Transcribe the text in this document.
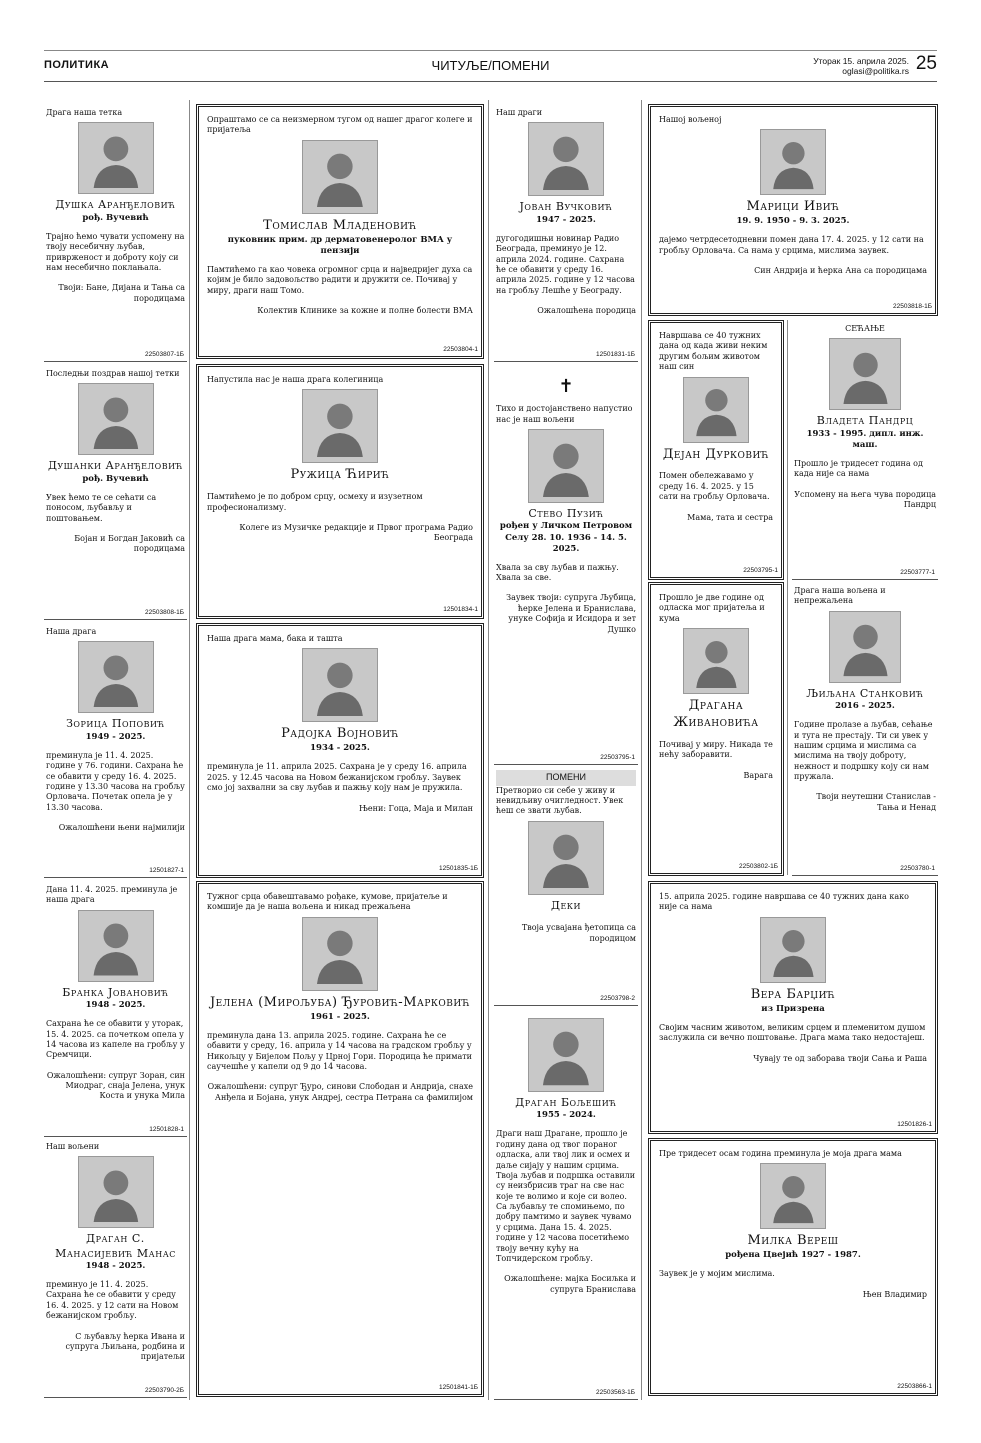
ПОЛИТИКА	ЧИТУЉЕ/ПОМЕНИ	Уторак 15. априла 2025.
oglasi@politika.rs 25
Драга наша тетка
Душка Аранђеловић
рођ. Вучевић
Трајно ћемо чувати успомену на твоју несебичну љубав, привржeност и доброту коју си нам несебично поклањала.
Твоји: Бане, Дијана и Тања са породицама
22503807-1Б
Последњи поздрав нашој тетки
Душанки Аранђеловић
рођ. Вучевић
Увек ћемо те се сећати са поносом, љубављу и поштовањем.
Бојан и Богдан Јаковић са породицама
22503808-1Б
Наша драга
Зорица Поповић
1949 - 2025.
преминула је 11. 4. 2025. године у 76. години. Сахрана ће се обавити у среду 16. 4. 2025. године у 13.30 часова на гробљу Орловача. Почетак опела је у 13.30 часова.
Ожалошћени њени најмилији
12501827-1
Дана 11. 4. 2025. преминула је наша драга
Бранка Јовановић
1948 - 2025.
Сахрана ће се обавити у уторак, 15. 4. 2025. са почетком опела у 14 часова из капеле на гробљу у Сремчици.
Ожалошћени: супруг Зоран, син Миодраг, снаја Јелена, унук Коста и унука Мила
12501828-1
Наш вољени
Драган С. Манасијевић Манас
1948 - 2025.
преминуо је 11. 4. 2025. Сахрана ће се обавити у среду 16. 4. 2025. у 12 сати на Новом бежанијском гробљу.
С љубављу ћерка Ивана и супруга Љиљана, родбина и пријатељи
22503790-2Б
Опраштамо се са неизмерном тугом од нашег драгог колеге и пријатеља
Томислав Младеновић
пуковник прим. др дерматовенеролог ВМА у пензији
Памтићемо га као човека огромног срца и наjведријег духа са којим је било задовољство радити и дружити се. Почивај у миру, драги наш Томо.
Колектив Клинике за кожне и полне болести ВМА
22503804-1
Напустила нас је наша драга колегиница
Ружица Ћирић
Памтићемо је по добром срцу, осмеху и изузетном професионализму.
Колеге из Музичке редакције и Првог програма Радио Београда
12501834-1
Наша драга мама, бака и ташта
Радојка Војновић
1934 - 2025.
преминула је 11. априла 2025. Сахрана је у среду 16. априла 2025. у 12.45 часова на Новом бежанијском гробљу. Заувек смо јој захвални за сву љубав и пажњу коју нам је пружила.
Њени: Гоца, Маја и Милан
12501835-1Б
Тужног срца обавештавамо рођаке, кумове, пријатеље и комшије да је наша вољена и никад прежаљена
Јелена (Мирољуба) Ђуровић-Марковић
1961 - 2025.
преминула дана 13. априла 2025. године. Сахрана ће се обавити у среду, 16. априла у 14 часова на градском гробљу у Никољцу у Бијелом Пољу у Црној Гори. Породица ће примати саучешће у капели од 9 до 14 часова.
Ожалошћени: супруг Ђуро, синови Слободан и Андрија, снахе Анђела и Бојана, унук Андреј, сестра Петрана са фамилијом
12501841-1Б
Наш драги
Јован Вучковић
1947 - 2025.
дугогодишњи новинар Радио Београда, преминуо је 12. априла 2024. године. Сахрана ће се обавити у среду 16. априла 2025. године у 12 часова на гробљу Лешће у Београду.
Ожалошћена породица
12501831-1Б
✝
Тихо и достојанствено напустио нас је наш вољени
Стево Пузић
рођен у Личком Петровом Селу 28. 10. 1936 - 14. 5. 2025.
Хвала за сву љубав и пажњу. Хвала за све.
Заувек твоји: супруга Љубица, ћерке Јелена и Бранислава, унуке Софија и Исидора и зет Душко
22503795-1
ПОМЕНИ
Претворио си себе у живу и невидљиву очигледност. Увек ћеш се звати љубав.
Деки
Твоја усвајана ђетопица са породицом
22503798-2
Драган Бољешић
1955 - 2024.
Драги наш Драгане, прошло је годину дана од твог пораног одласка, али твој лик и осмех и даље сијају у нашим срцима. Твоја љубав и подршка оставили су неизбрисив траг на све нас које те волимо и које си волео. Са љубављу те спомињемо, по добру памтимо и заувек чувамо у срцима. Дана 15. 4. 2025. године у 12 часова посетићемо твоју вечну кућу на Топчидерском гробљу.
Ожалошћене: мајка Босиљка и супруга Бранислава
22503563-1Б
Нашој вољеној
Марици Ивић
19. 9. 1950 - 9. 3. 2025.
дајемо четрдесетодневни помен дана 17. 4. 2025. у 12 сати на гробљу Орловача. Са нама у срцима, мислима заувек.
Син Андрија и ћерка Ана са породицама
22503818-1Б
Навршава се 40 тужних дана од када живи неким другим бољим животом наш син
Дејан Дурковић
Помен обележавамо у среду 16. 4. 2025. у 15 сати на гробљу Орловача.
Мама, тата и сестра
22503795-1
Прошло је две године од одласка мог пријатеља и кума
Драгана Живановића
Почивај у миру. Никада те нећу заборавити.
Варага
22503802-1Б
15. априла 2025. године навршава се 40 тужних дана како није са нама
Вера Барџић
из Призрена
Својим часним животом, великим срцем и племенитом душом заслужила си вечно поштовање. Драга мама тако недостајеш.
Чуваjу те од заборава твоји Сања и Раша
12501826-1
Пре тридесет осам година преминула је моја драга мама
Милка Вереш
рођена Цвејић 1927 - 1987.
Заувек је у мојим мислима.
Њен Владимир
22503866-1
СЕЋАЊЕ
Владета Пандрц
1933 - 1995. дипл. инж. маш.
Прошло је тридесет година од када није са нама
Успомену на њега чува породица Пандрц
22503777-1
Драга наша вољена и непрежаљена
Љиљана Станковић
2016 - 2025.
Године пролазе а љубав, сећање и туга не престају. Ти си увек у нашим срцима и мислима са мислима на твоју доброту, нежност и подршку коју си нам пружала.
Твоји неутешни Станислав - Тања и Ненад
22503780-1
